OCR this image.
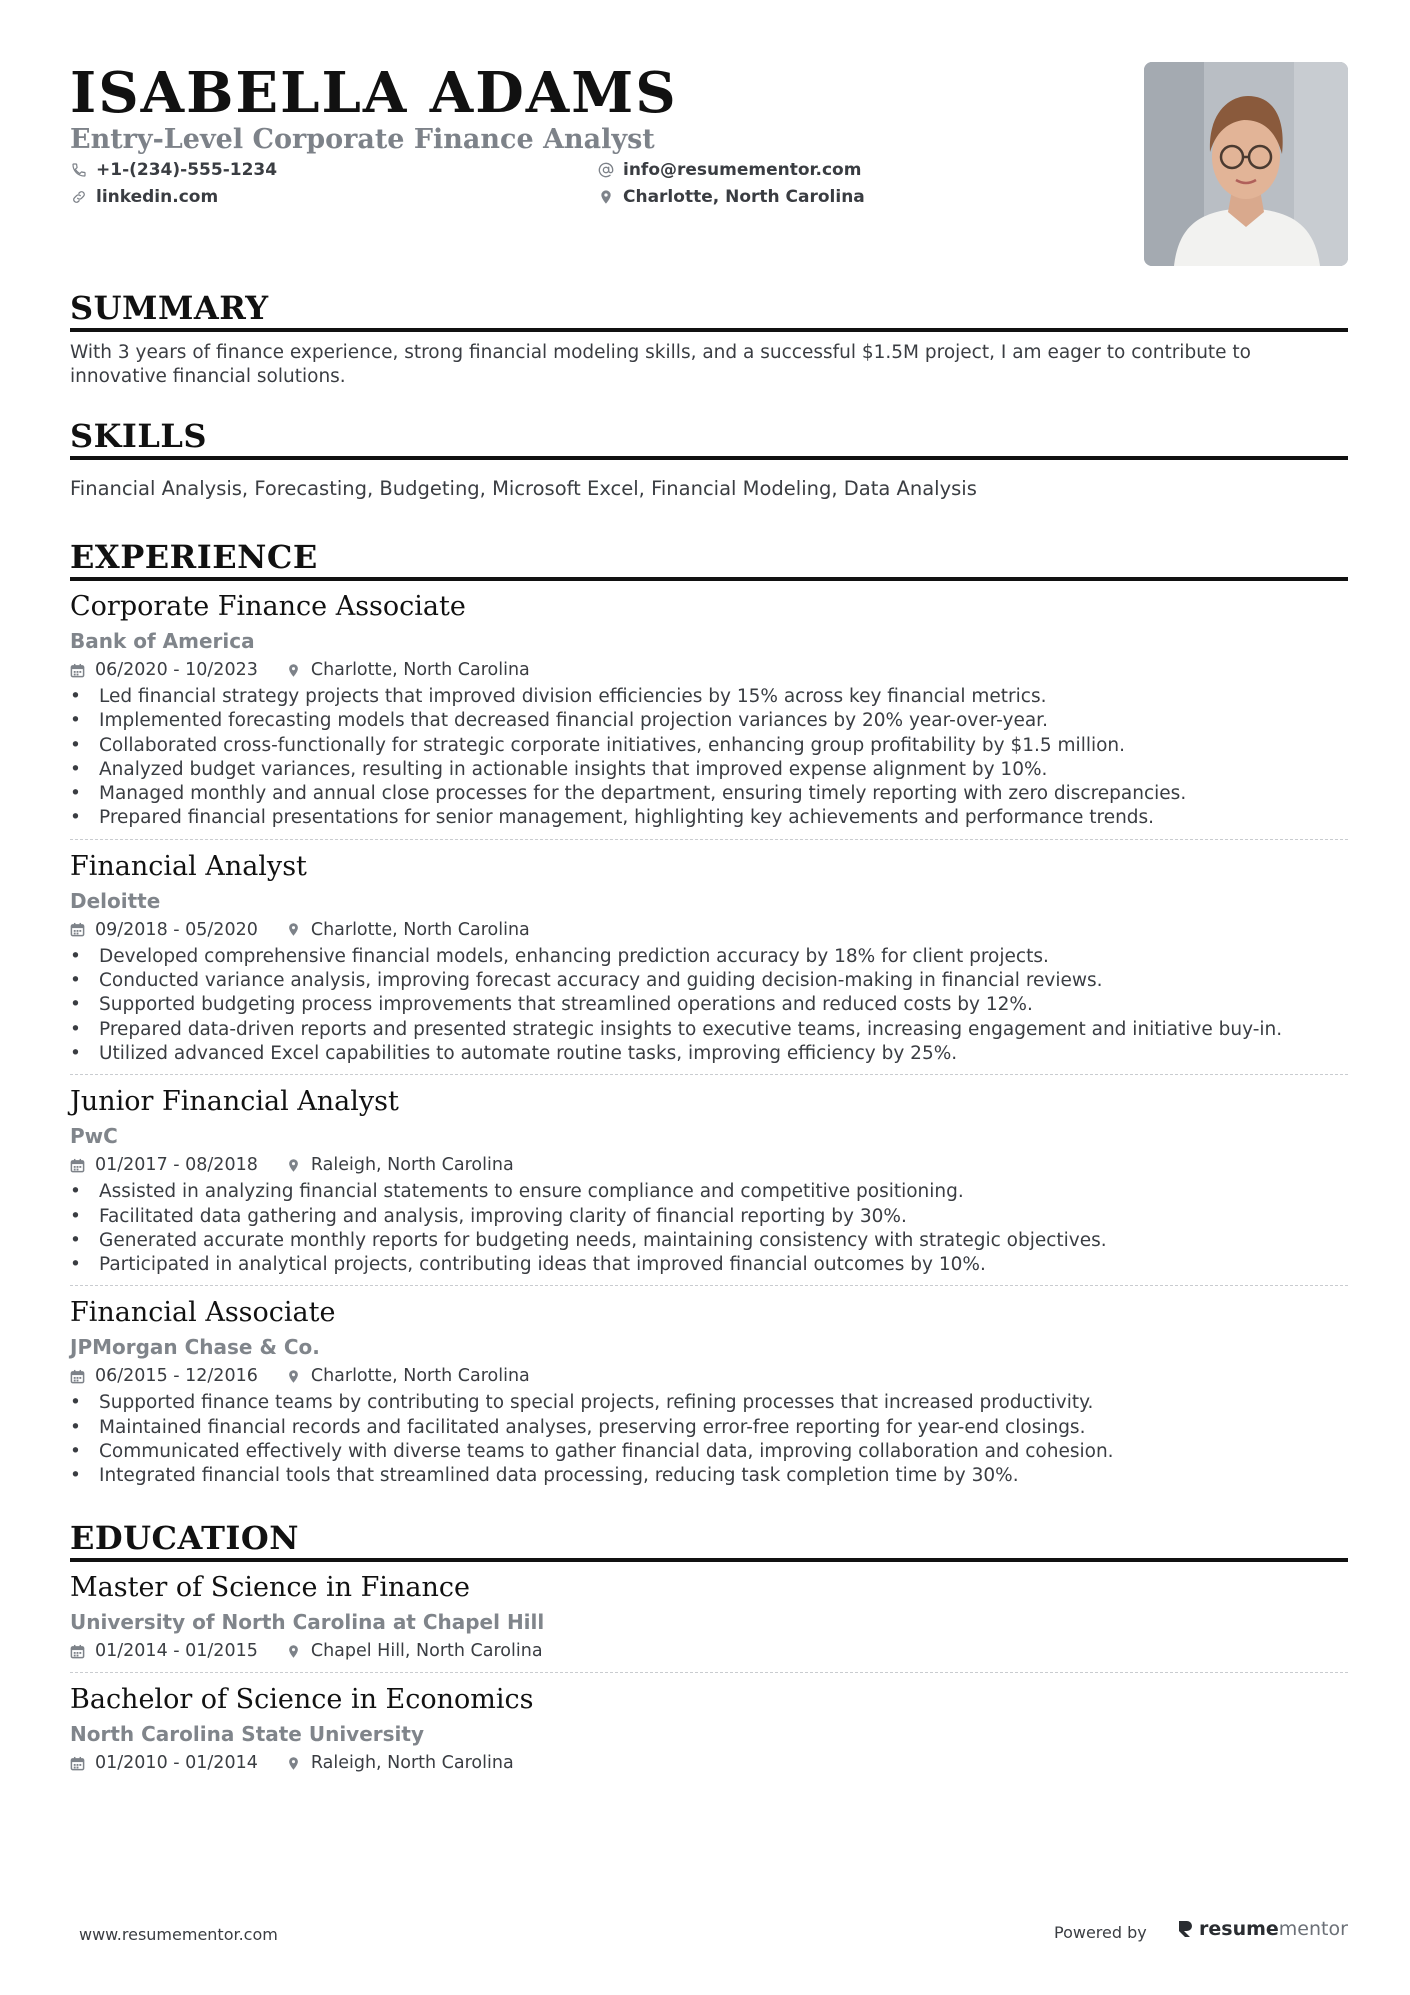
ISABELLA ADAMS
Entry-Level Corporate Finance Analyst
+1-(234)-555-1234
linkedin.com
info@resumementor.com
Charlotte, North Carolina
SUMMARY
With 3 years of finance experience, strong financial modeling skills, and a successful $1.5M project, I am eager to contribute to innovative financial solutions.
SKILLS
Financial Analysis, Forecasting, Budgeting, Microsoft Excel, Financial Modeling, Data Analysis
EXPERIENCE
Corporate Finance Associate
Bank of America
06/2020 - 10/2023	Charlotte, North Carolina
• Led financial strategy projects that improved division efficiencies by 15% across key financial metrics.
• Implemented forecasting models that decreased financial projection variances by 20% year-over-year.
• Collaborated cross-functionally for strategic corporate initiatives, enhancing group profitability by $1.5 million.
• Analyzed budget variances, resulting in actionable insights that improved expense alignment by 10%.
• Managed monthly and annual close processes for the department, ensuring timely reporting with zero discrepancies.
• Prepared financial presentations for senior management, highlighting key achievements and performance trends.
Financial Analyst
Deloitte
09/2018 - 05/2020	Charlotte, North Carolina
• Developed comprehensive financial models, enhancing prediction accuracy by 18% for client projects.
• Conducted variance analysis, improving forecast accuracy and guiding decision-making in financial reviews.
• Supported budgeting process improvements that streamlined operations and reduced costs by 12%.
• Prepared data-driven reports and presented strategic insights to executive teams, increasing engagement and initiative buy-in.
• Utilized advanced Excel capabilities to automate routine tasks, improving efficiency by 25%.
Junior Financial Analyst
PwC
01/2017 - 08/2018	Raleigh, North Carolina
• Assisted in analyzing financial statements to ensure compliance and competitive positioning.
• Facilitated data gathering and analysis, improving clarity of financial reporting by 30%.
• Generated accurate monthly reports for budgeting needs, maintaining consistency with strategic objectives.
• Participated in analytical projects, contributing ideas that improved financial outcomes by 10%.
Financial Associate
JPMorgan Chase & Co.
06/2015 - 12/2016	Charlotte, North Carolina
• Supported finance teams by contributing to special projects, refining processes that increased productivity.
• Maintained financial records and facilitated analyses, preserving error-free reporting for year-end closings.
• Communicated effectively with diverse teams to gather financial data, improving collaboration and cohesion.
• Integrated financial tools that streamlined data processing, reducing task completion time by 30%.
EDUCATION
Master of Science in Finance
University of North Carolina at Chapel Hill
01/2014 - 01/2015	Chapel Hill, North Carolina
Bachelor of Science in Economics
North Carolina State University
01/2010 - 01/2014	Raleigh, North Carolina
www.resumementor.com	Powered by	resume mentor
